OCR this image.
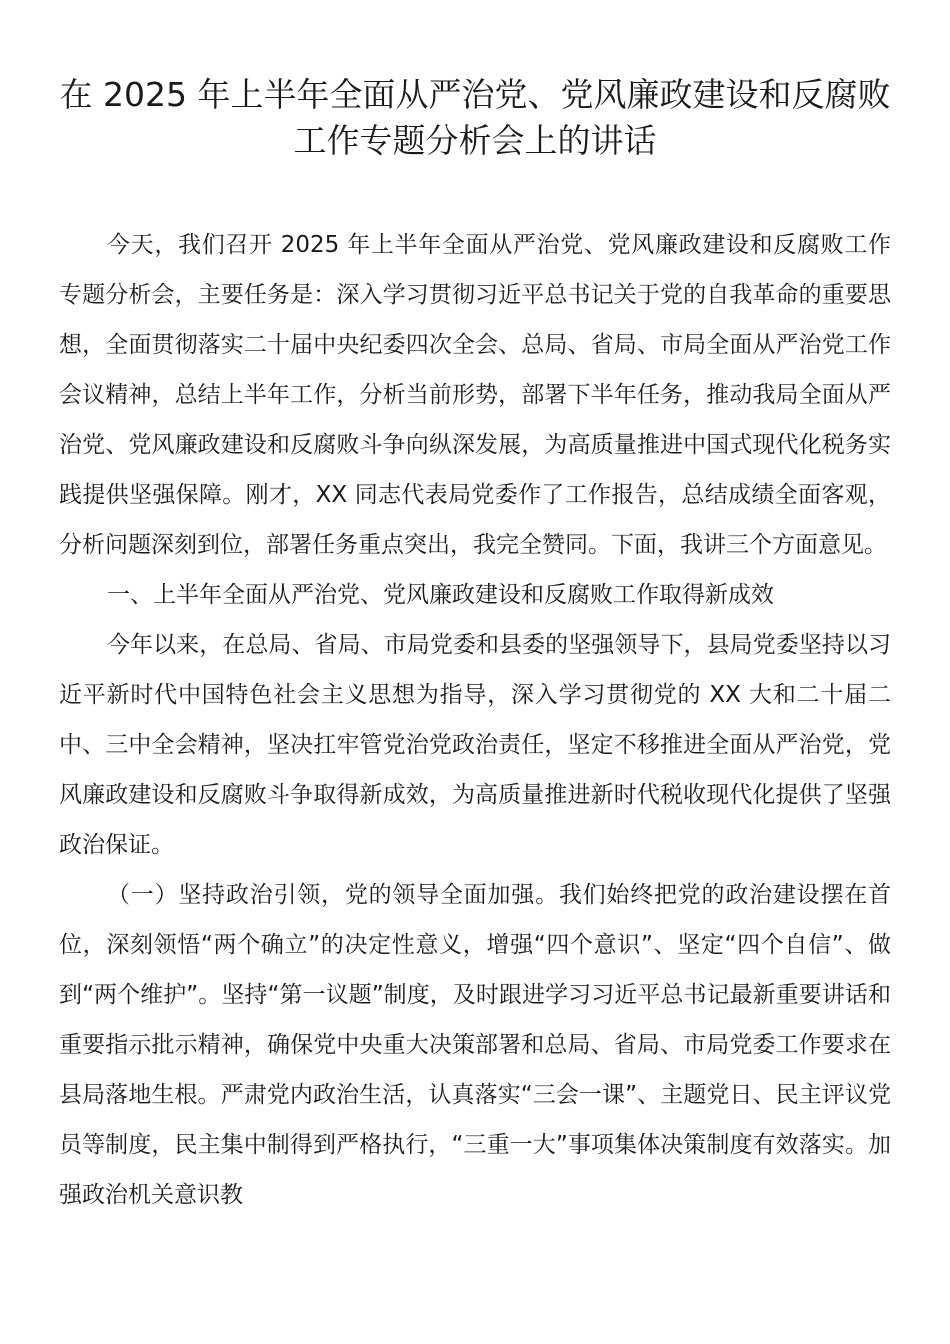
在 2025 年上半年全面从严治党、党风廉政建设和反腐败工作专题分析会上的讲话

今天，我们召开 2025 年上半年全面从严治党、党风廉政建设和反腐败工作专题分析会，主要任务是：深入学习贯彻习近平总书记关于党的自我革命的重要思想，全面贯彻落实二十届中央纪委四次全会、总局、省局、市局全面从严治党工作会议精神，总结上半年工作，分析当前形势，部署下半年任务，推动我局全面从严治党、党风廉政建设和反腐败斗争向纵深发展，为高质量推进中国式现代化税务实践提供坚强保障。刚才，XX 同志代表局党委作了工作报告，总结成绩全面客观，分析问题深刻到位，部署任务重点突出，我完全赞同。下面，我讲三个方面意见。

一、上半年全面从严治党、党风廉政建设和反腐败工作取得新成效

今年以来，在总局、省局、市局党委和县委的坚强领导下，县局党委坚持以习近平新时代中国特色社会主义思想为指导，深入学习贯彻党的 XX 大和二十届二中、三中全会精神，坚决扛牢管党治党政治责任，坚定不移推进全面从严治党，党风廉政建设和反腐败斗争取得新成效，为高质量推进新时代税收现代化提供了坚强政治保证。

（一）坚持政治引领，党的领导全面加强。我们始终把党的政治建设摆在首位，深刻领悟“两个确立”的决定性意义，增强“四个意识”、坚定“四个自信”、做到“两个维护”。坚持“第一议题”制度，及时跟进学习习近平总书记最新重要讲话和重要指示批示精神，确保党中央重大决策部署和总局、省局、市局党委工作要求在县局落地生根。严肃党内政治生活，认真落实“三会一课”、主题党日、民主评议党员等制度，民主集中制得到严格执行，“三重一大”事项集体决策制度有效落实。加强政治机关意识教
